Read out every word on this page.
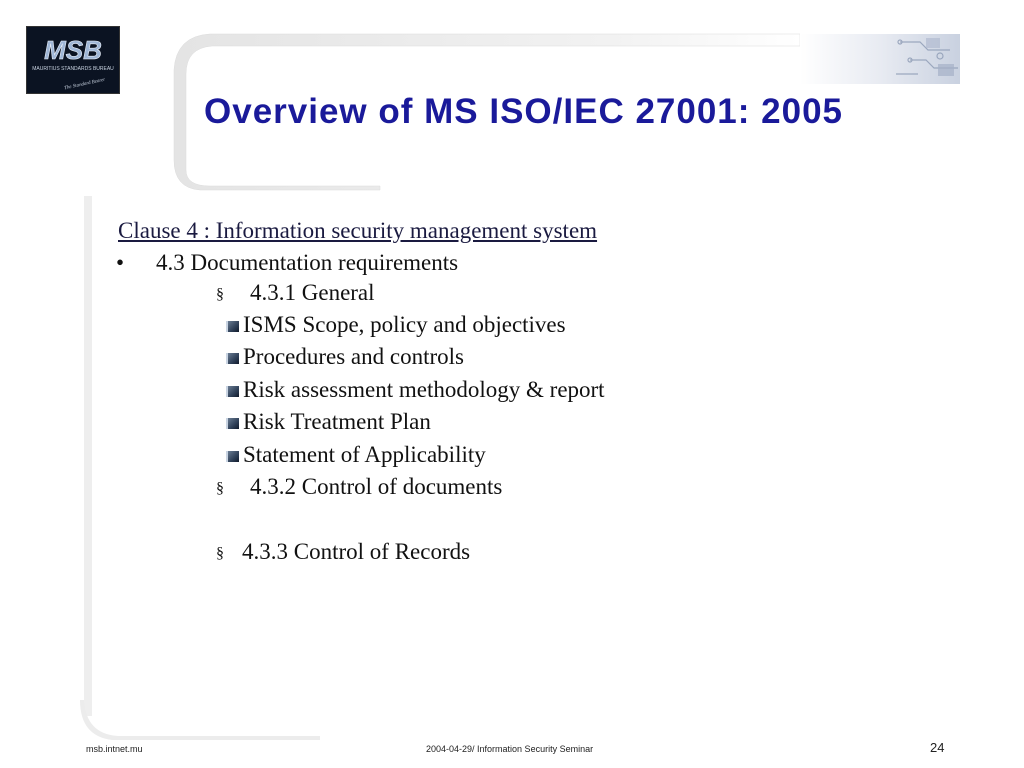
MSB
MAURITIUS STANDARDS BUREAU
The Standard Bearer
Overview of MS ISO/IEC 27001: 2005
Clause 4 : Information security management system
• 4.3 Documentation requirements
§ 4.3.1 General
ISMS Scope, policy and objectives
Procedures and controls
Risk assessment methodology & report
Risk Treatment Plan
Statement of Applicability
§ 4.3.2 Control of documents
§ 4.3.3 Control of Records
msb.intnet.mu	2004-04-29/ Information Security Seminar	24
